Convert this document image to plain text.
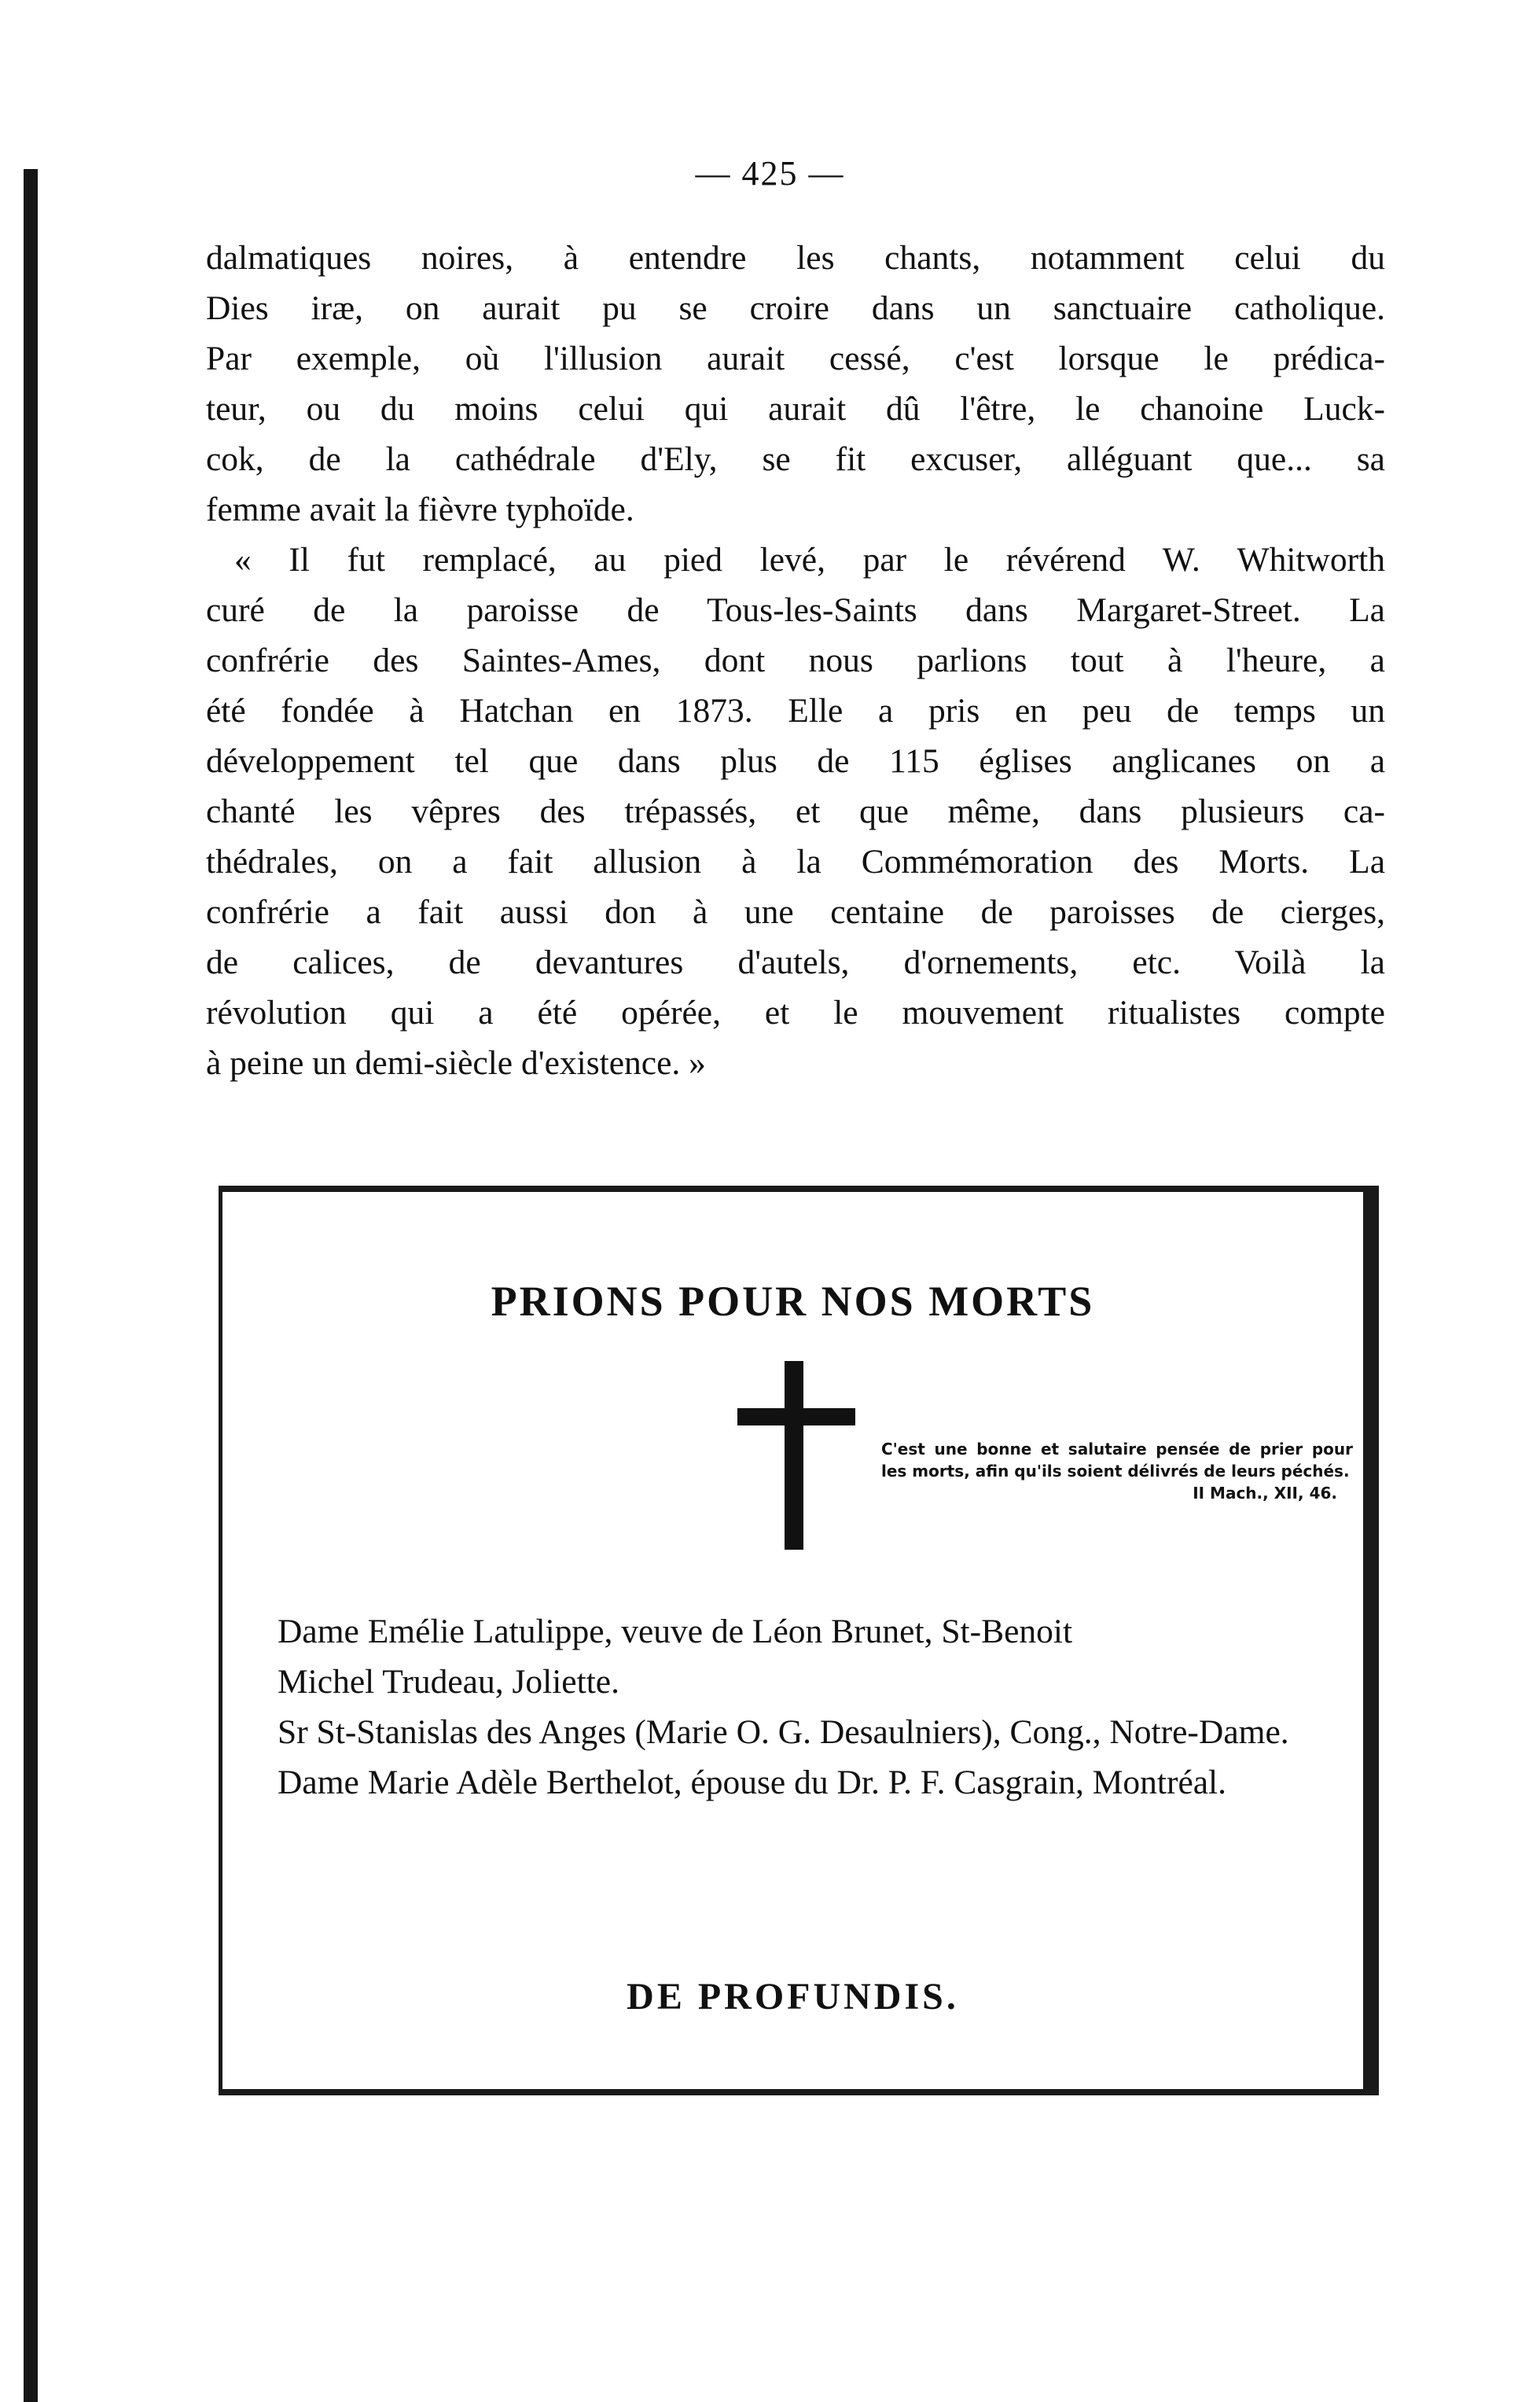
— 425 —
dalmatiques noires, à entendre les chants, notamment celui du
Dies iræ, on aurait pu se croire dans un sanctuaire catholique.
Par exemple, où l'illusion aurait cessé, c'est lorsque le prédica-
teur, ou du moins celui qui aurait dû l'être, le chanoine Luck-
cok, de la cathédrale d'Ely, se fit excuser, alléguant que... sa
femme avait la fièvre typhoïde.
« Il fut remplacé, au pied levé, par le révérend W. Whitworth
curé de la paroisse de Tous-les-Saints dans Margaret-Street. La
confrérie des Saintes-Ames, dont nous parlions tout à l'heure, a
été fondée à Hatchan en 1873. Elle a pris en peu de temps un
développement tel que dans plus de 115 églises anglicanes on a
chanté les vêpres des trépassés, et que même, dans plusieurs ca-
thédrales, on a fait allusion à la Commémoration des Morts. La
confrérie a fait aussi don à une centaine de paroisses de cierges,
de calices, de devantures d'autels, d'ornements, etc. Voilà la
révolution qui a été opérée, et le mouvement ritualistes compte
à peine un demi-siècle d'existence. »
PRIONS POUR NOS MORTS
C'est une bonne et salutaire pensée de prier pour les morts, afin qu'ils soient délivrés de leurs péchés.
II Mach., XII, 46.

Dame Emélie Latulippe, veuve de Léon Brunet, St-Benoit

Michel Trudeau, Joliette.

Sr St-Stanislas des Anges (Marie O. G. Desaulniers), Cong., Notre-Dame.

Dame Marie Adèle Berthelot, épouse du Dr. P. F. Casgrain, Montréal.

DE PROFUNDIS.
